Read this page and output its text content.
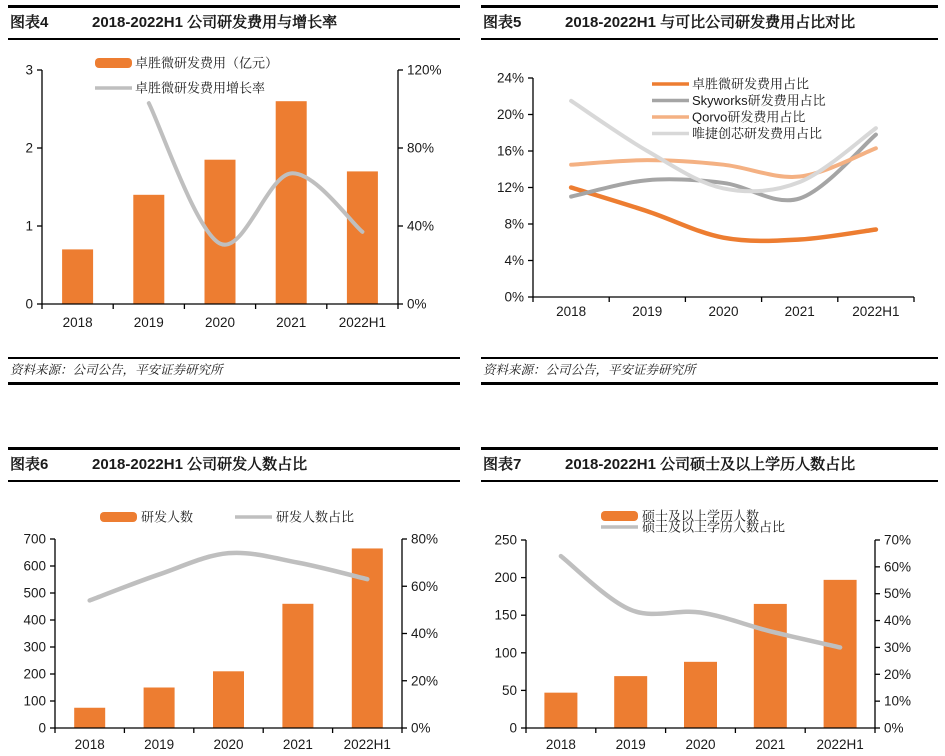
图表4	2018-2022H1 公司研发费用与增长率	图表5	2018-2022H1 与可比公司研发费用占比对比
0
1
2
3
0%
40%
80%
120%
2018	2019	2020	2021 2022H1
卓胜微研发费用（亿元）
卓胜微研发费用增长率
0%
4%
8%
12%
16%
20%
24%
2018	2019	2020	2021	2022H1
卓胜微研发费用占比
Skyworks研发费用占比
Qorvo研发费用占比
唯捷创芯研发费用占比
资料来源：公司公告，平安证券研究所	资料来源：公司公告，平安证券研究所
图表6	2018-2022H1 公司研发人数占比	图表7	2018-2022H1 公司硕士及以上学历人数占比
0
100
200
300
400
500
600
700
0%
20%
40%
60%
80%
2018	2019	2020	2021 2022H1
研发人数	研发人数占比
0
50
100
150
200
250
0%
10%
20%
30%
40%
50%
60%
70%
2018	2019	2020	2021 2022H1
硕士及以上学历人数
硕士及以上学历人数占比
